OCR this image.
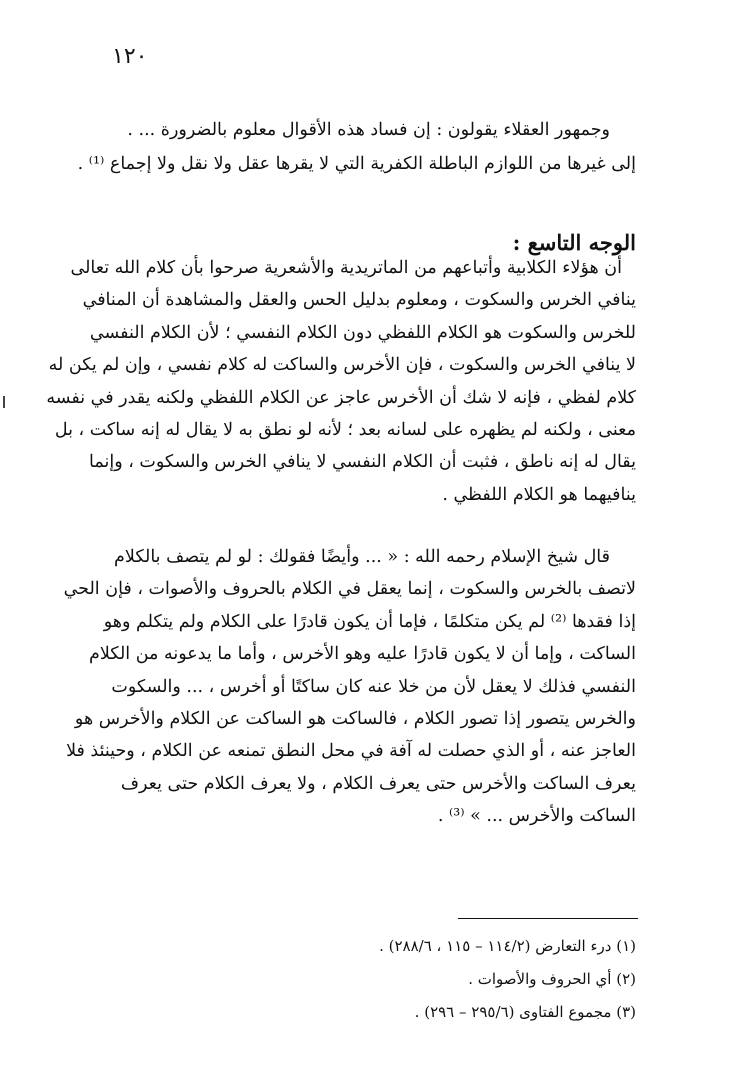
١٢٠
وجمهور العقلاء يقولون : إن فساد هذه الأقوال معلوم بالضرورة ... .
إلى غيرها من اللوازم الباطلة الكفرية التي لا يقرها عقل ولا نقل ولا إجماع ⁽¹⁾ .
الوجه التاسع :
أن هؤلاء الكلابية وأتباعهم من الماتريدية والأشعرية صرحوا بأن كلام الله تعالى
ينافي الخرس والسكوت ، ومعلوم بدليل الحس والعقل والمشاهدة أن المنافي
للخرس والسكوت هو الكلام اللفظي دون الكلام النفسي ؛ لأن الكلام النفسي
لا ينافي الخرس والسكوت ، فإن الأخرس والساكت له كلام نفسي ، وإن لم يكن له
كلام لفظي ، فإنه لا شك أن الأخرس عاجز عن الكلام اللفظي ولكنه يقدر في نفسه
معنى ، ولكنه لم يظهره على لسانه بعد ؛ لأنه لو نطق به لا يقال له إنه ساكت ، بل
يقال له إنه ناطق ، فثبت أن الكلام النفسي لا ينافي الخرس والسكوت ، وإنما
ينافيهما هو الكلام اللفظي .
قال شيخ الإسلام رحمه الله : « ... وأيضًا فقولك : لو لم يتصف بالكلام
لاتصف بالخرس والسكوت ، إنما يعقل في الكلام بالحروف والأصوات ، فإن الحي
إذا فقدها ⁽²⁾ لم يكن متكلمًا ، فإما أن يكون قادرًا على الكلام ولم يتكلم وهو
الساكت ، وإما أن لا يكون قادرًا عليه وهو الأخرس ، وأما ما يدعونه من الكلام
النفسي فذلك لا يعقل لأن من خلا عنه كان ساكتًا أو أخرس ، ... والسكوت
والخرس يتصور إذا تصور الكلام ، فالساكت هو الساكت عن الكلام والأخرس هو
العاجز عنه ، أو الذي حصلت له آفة في محل النطق تمنعه عن الكلام ، وحينئذ فلا
يعرف الساكت والأخرس حتى يعرف الكلام ، ولا يعرف الكلام حتى يعرف
الساكت والأخرس ... » ⁽³⁾ .
(١) درء التعارض (١١٤/٢ – ١١٥ ، ٢٨٨/٦) .
(٢) أي الحروف والأصوات .
(٣) مجموع الفتاوى (٢٩٥/٦ – ٢٩٦) .
